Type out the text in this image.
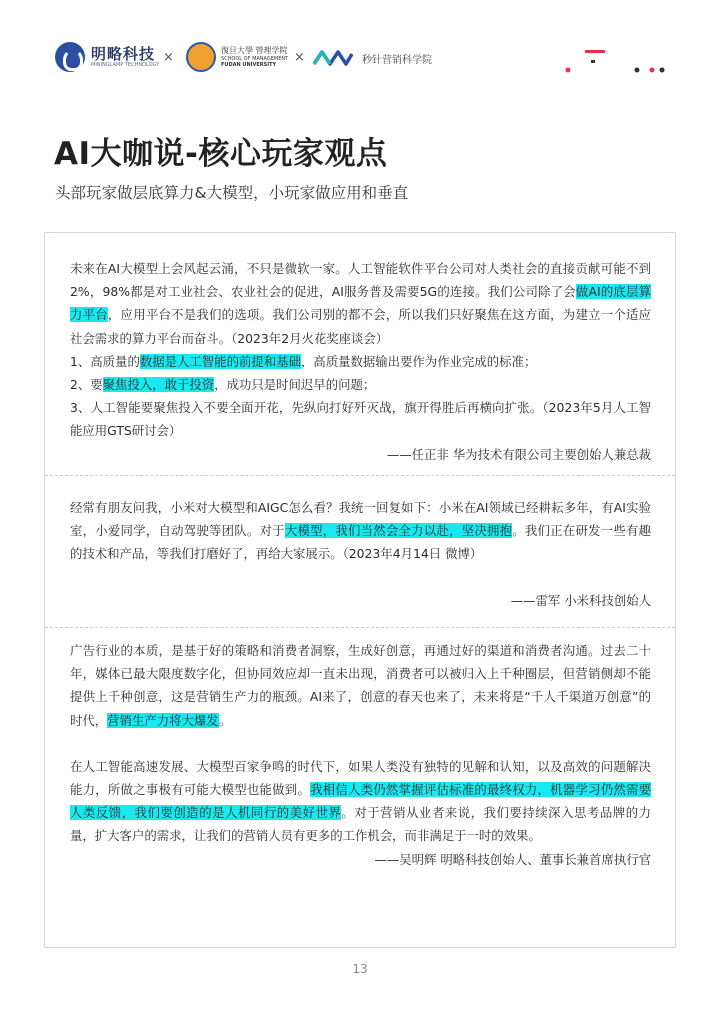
明略科技
MININGLAMP TECHNOLOGY ×	復旦大學 管理学院
SCHOOL OF MANAGEMENT
FUDAN UNIVERSITY	×	秒针营销科学院
AI大咖说-核心玩家观点

头部玩家做层底算力&大模型，小玩家做应用和垂直

未来在AI大模型上会风起云涌，不只是微软一家。人工智能软件平台公司对人类社会的直接贡献可能不到2%，98%都是对工业社会、农业社会的促进，AI服务普及需要5G的连接。我们公司除了会做AI的底层算力平台，应用平台不是我们的选项。我们公司别的都不会，所以我们只好聚焦在这方面，为建立一个适应社会需求的算力平台而奋斗。（2023年2月火花奖座谈会）

1、高质量的数据是人工智能的前提和基础，高质量数据输出要作为作业完成的标准；

2、要聚焦投入，敢于投资，成功只是时间迟早的问题；

3、人工智能要聚焦投入不要全面开花，先纵向打好歼灭战，旗开得胜后再横向扩张。（2023年5月人工智能应用GTS研讨会）

——任正非 华为技术有限公司主要创始人兼总裁

经常有朋友问我，小米对大模型和AIGC怎么看？我统一回复如下：小米在AI领域已经耕耘多年，有AI实验室，小爱同学，自动驾驶等团队。对于大模型，我们当然会全力以赴，坚决拥抱。我们正在研发一些有趣的技术和产品，等我们打磨好了，再给大家展示。（2023年4月14日 微博）

——雷军 小米科技创始人

广告行业的本质，是基于好的策略和消费者洞察，生成好创意，再通过好的渠道和消费者沟通。过去二十年，媒体已最大限度数字化，但协同效应却一直未出现，消费者可以被归入上千种圈层，但营销侧却不能提供上千种创意，这是营销生产力的瓶颈。AI来了，创意的春天也来了，未来将是“千人千渠道万创意”的时代，营销生产力将大爆发。

在人工智能高速发展、大模型百家争鸣的时代下，如果人类没有独特的见解和认知，以及高效的问题解决能力，所做之事极有可能大模型也能做到。我相信人类仍然掌握评估标准的最终权力，机器学习仍然需要人类反馈，我们要创造的是人机同行的美好世界。对于营销从业者来说，我们要持续深入思考品牌的力量，扩大客户的需求，让我们的营销人员有更多的工作机会，而非满足于一时的效果。

——吴明辉 明略科技创始人、董事长兼首席执行官
13
